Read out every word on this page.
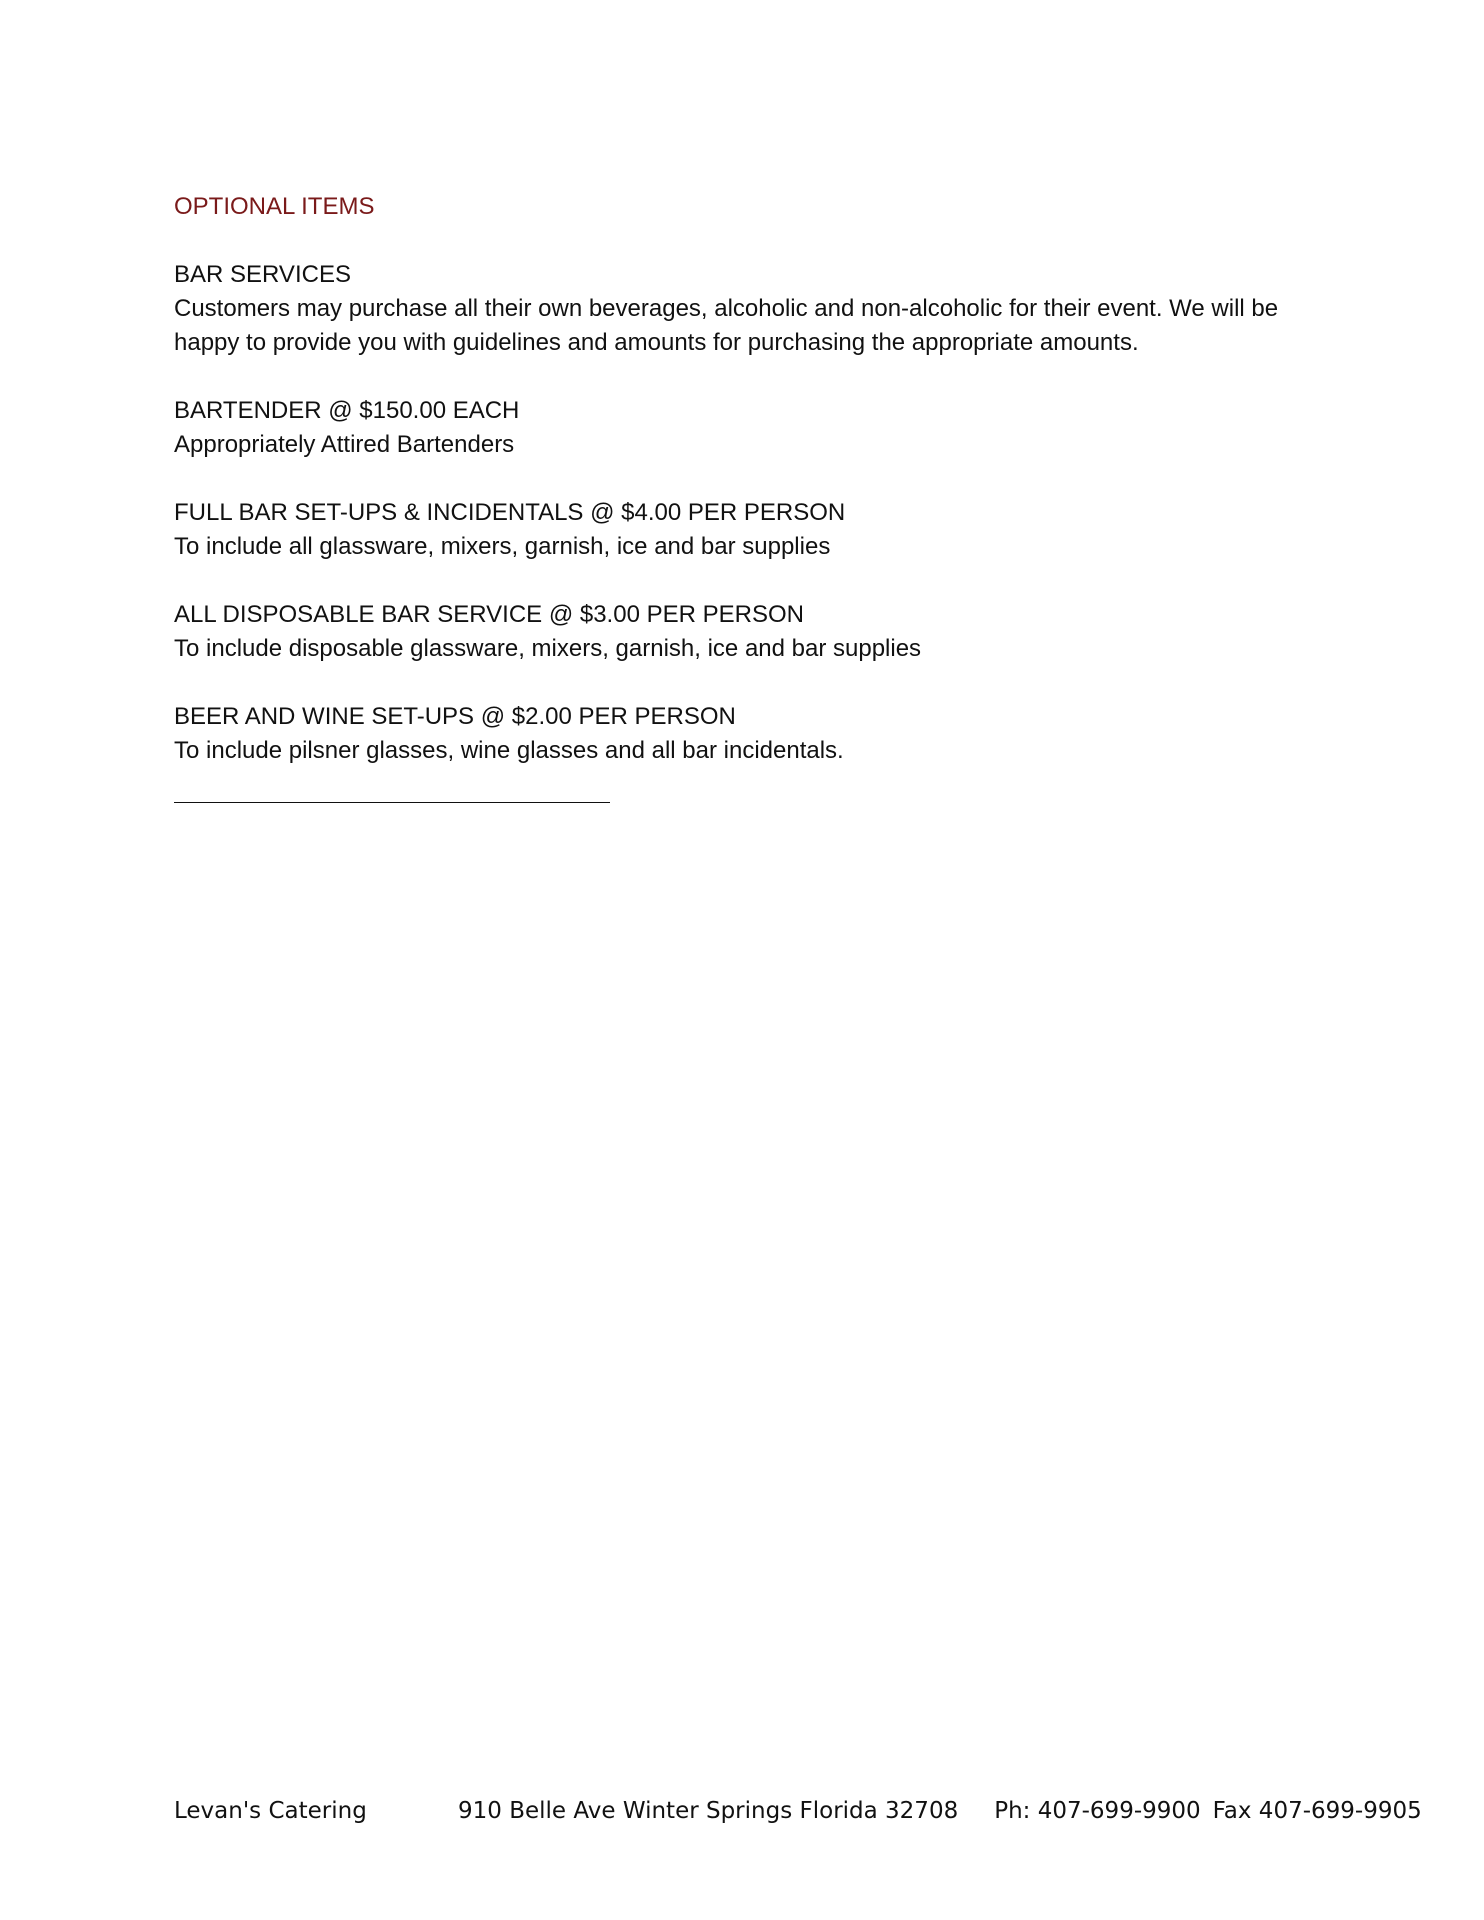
OPTIONAL ITEMS

BAR SERVICES

Customers may purchase all their own beverages, alcoholic and non-alcoholic for their event. We will be happy to provide you with guidelines and amounts for purchasing the appropriate amounts.

BARTENDER @ $150.00 EACH

Appropriately Attired Bartenders

FULL BAR SET-UPS & INCIDENTALS @ $4.00 PER PERSON

To include all glassware, mixers, garnish, ice and bar supplies

ALL DISPOSABLE BAR SERVICE @ $3.00 PER PERSON

To include disposable glassware, mixers, garnish, ice and bar supplies

BEER AND WINE SET-UPS @ $2.00 PER PERSON

To include pilsner glasses, wine glasses and all bar incidentals.

Levan's Catering	910 Belle Ave Winter Springs Florida 32708 Ph: 407-699-9900 Fax 407-699-9905
